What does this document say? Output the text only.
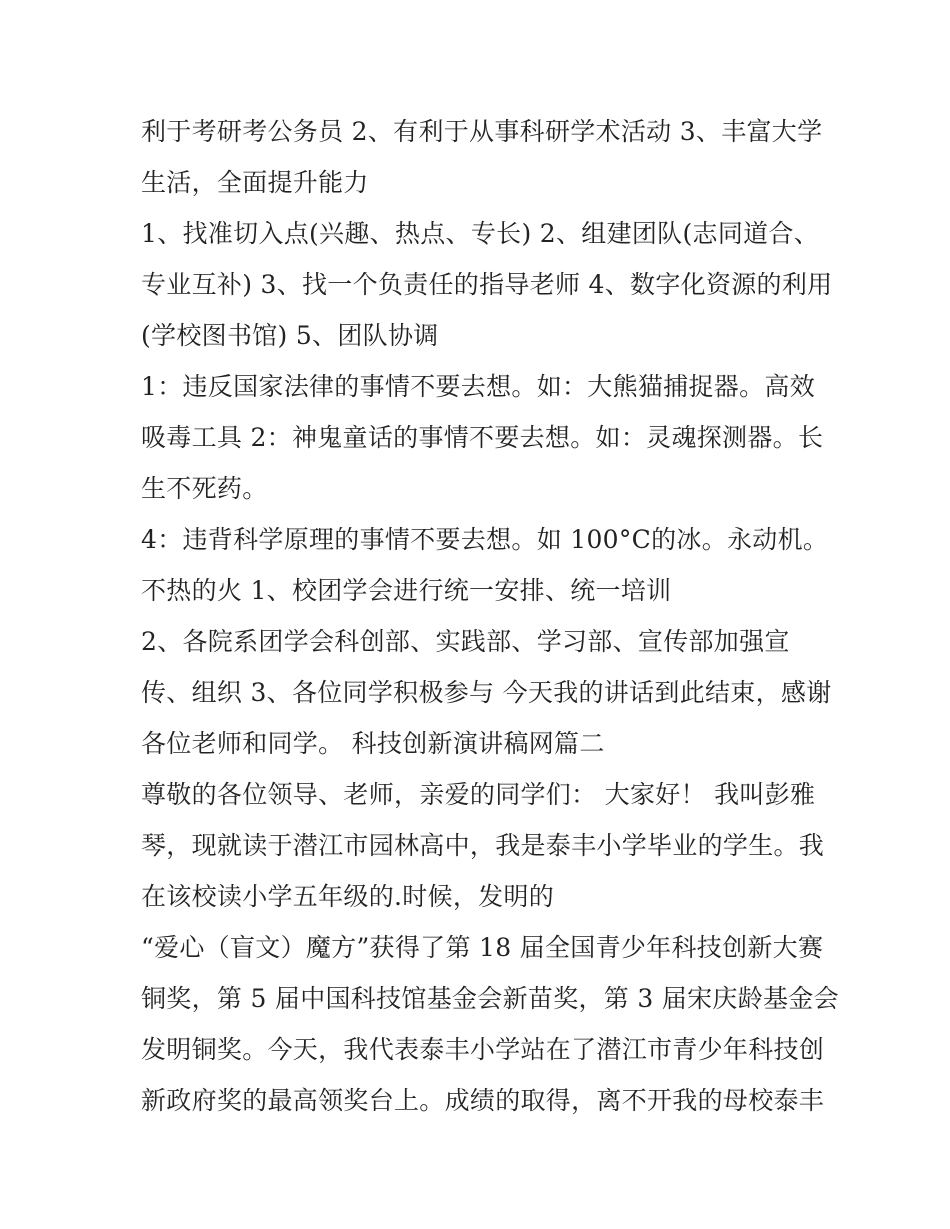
利于考研考公务员 2、有利于从事科研学术活动 3、丰富大学
生活，全面提升能力
1、找准切入点(兴趣、热点、专长) 2、组建团队(志同道合、
专业互补) 3、找一个负责任的指导老师 4、数字化资源的利用
(学校图书馆) 5、团队协调
1：违反国家法律的事情不要去想。如：大熊猫捕捉器。高效
吸毒工具 2：神鬼童话的事情不要去想。如：灵魂探测器。长
生不死药。
4：违背科学原理的事情不要去想。如 100°C的冰。永动机。
不热的火 1、校团学会进行统一安排、统一培训
2、各院系团学会科创部、实践部、学习部、宣传部加强宣
传、组织 3、各位同学积极参与 今天我的讲话到此结束，感谢
各位老师和同学。 科技创新演讲稿网篇二
尊敬的各位领导、老师，亲爱的同学们： 大家好！ 我叫彭雅
琴，现就读于潜江市园林高中，我是泰丰小学毕业的学生。我
在该校读小学五年级的.时候，发明的
“爱心（盲文）魔方”获得了第 18 届全国青少年科技创新大赛
铜奖，第 5 届中国科技馆基金会新苗奖，第 3 届宋庆龄基金会
发明铜奖。今天，我代表泰丰小学站在了潜江市青少年科技创
新政府奖的最高领奖台上。成绩的取得，离不开我的母校泰丰
